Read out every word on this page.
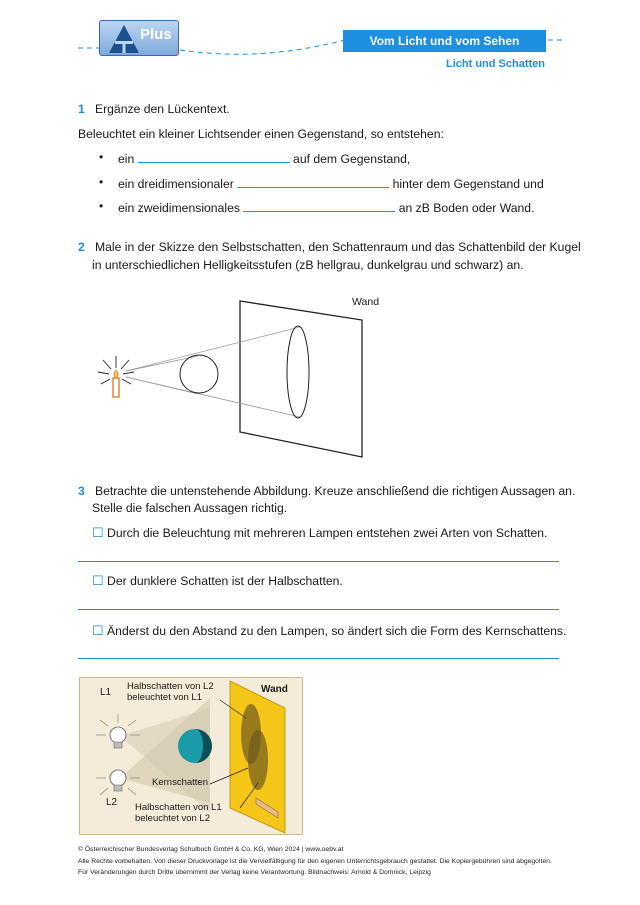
Plus	Vom Licht und vom Sehen
Licht und Schatten
1 Ergänze den Lückentext.
Beleuchtet ein kleiner Lichtsender einen Gegenstand, so entstehen:
• ein	auf dem Gegenstand,
• ein dreidimensionaler	hinter dem Gegenstand und
• ein zweidimensionales	an zB Boden oder Wand.
2 Male in der Skizze den Selbstschatten, den Schattenraum und das Schattenbild der Kugel
in unterschiedlichen Helligkeitsstufen (zB hellgrau, dunkelgrau und schwarz) an.
Wand
3 Betrachte die untenstehende Abbildung. Kreuze anschließend die richtigen Aussagen an.
Stelle die falschen Aussagen richtig.
☐ Durch die Beleuchtung mit mehreren Lampen entstehen zwei Arten von Schatten.
☐ Der dunklere Schatten ist der Halbschatten.
☐ Änderst du den Abstand zu den Lampen, so ändert sich die Form des Kernschattens.
L1
L2
Wand
Halbschatten von L2
beleuchtet von L1
Kernschatten
Halbschatten von L1
beleuchtet von L2
© Österreichischer Bundesverlag Schulbuch GmbH & Co. KG, Wien 2024 | www.oebv.at
Alle Rechte vorbehalten. Von dieser Druckvorlage ist die Vervielfältigung für den eigenen Unterrichtsgebrauch gestattet. Die Kopiergebühren sind abgegolten.
Für Veränderungen durch Dritte übernimmt der Verlag keine Verantwortung. Bildnachweis: Arnold & Domnick, Leipzig
